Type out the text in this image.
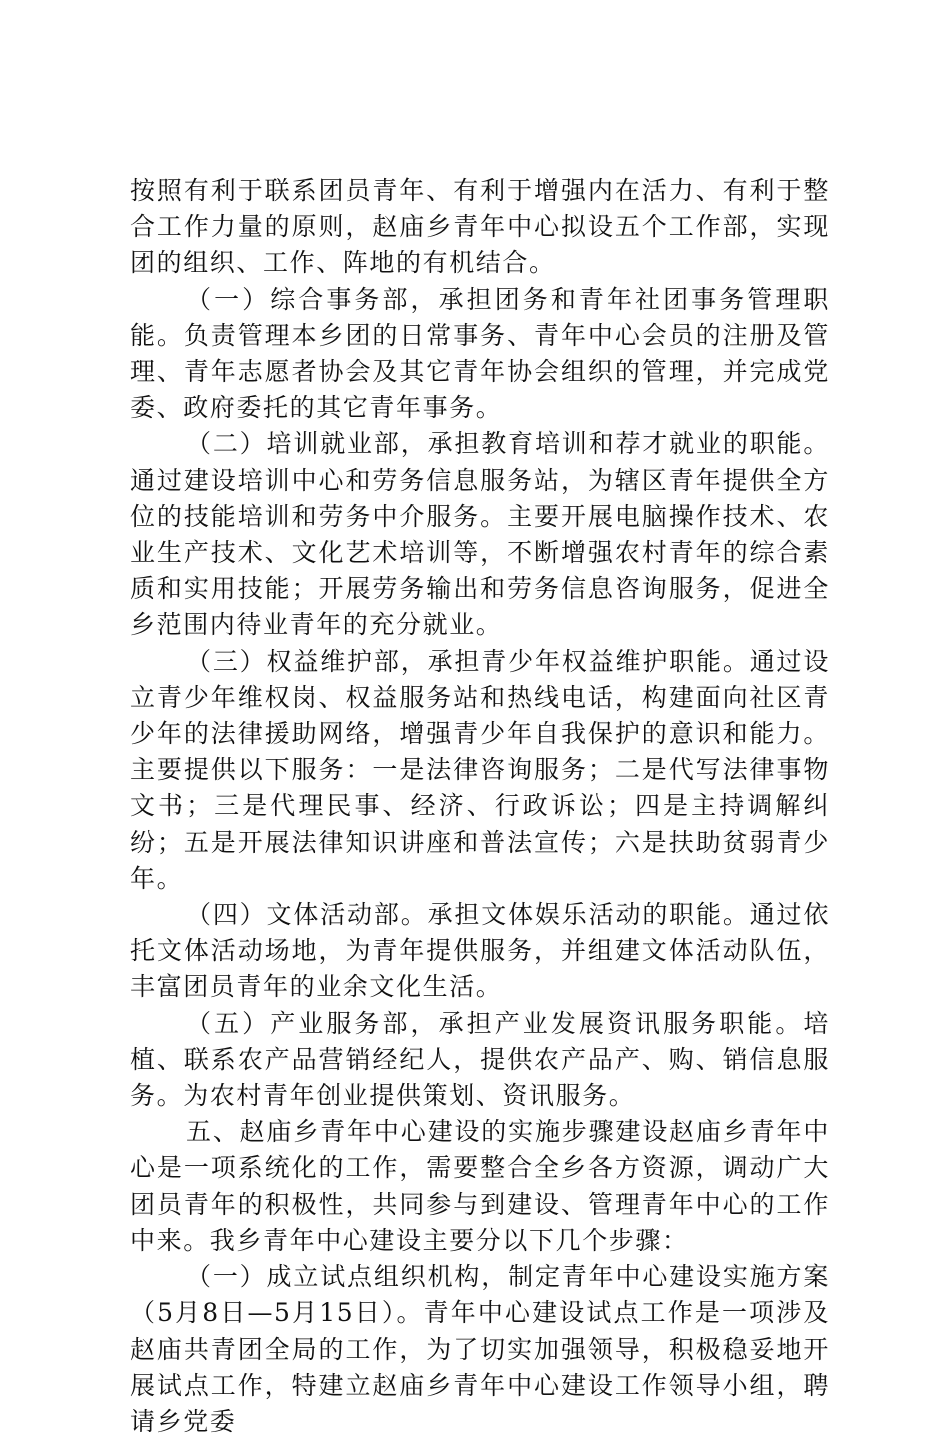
按照有利于联系团员青年、有利于增强内在活力、有利于整合工作力量的原则，赵庙乡青年中心拟设五个工作部，实现团的组织、工作、阵地的有机结合。

（一）综合事务部，承担团务和青年社团事务管理职能。负责管理本乡团的日常事务、青年中心会员的注册及管理、青年志愿者协会及其它青年协会组织的管理，并完成党委、政府委托的其它青年事务。

（二）培训就业部，承担教育培训和荐才就业的职能。通过建设培训中心和劳务信息服务站，为辖区青年提供全方位的技能培训和劳务中介服务。主要开展电脑操作技术、农业生产技术、文化艺术培训等，不断增强农村青年的综合素质和实用技能；开展劳务输出和劳务信息咨询服务，促进全乡范围内待业青年的充分就业。

（三）权益维护部，承担青少年权益维护职能。通过设立青少年维权岗、权益服务站和热线电话，构建面向社区青少年的法律援助网络，增强青少年自我保护的意识和能力。主要提供以下服务：一是法律咨询服务；二是代写法律事物文书；三是代理民事、经济、行政诉讼；四是主持调解纠纷；五是开展法律知识讲座和普法宣传；六是扶助贫弱青少年。

（四）文体活动部。承担文体娱乐活动的职能。通过依托文体活动场地，为青年提供服务，并组建文体活动队伍，丰富团员青年的业余文化生活。

（五）产业服务部，承担产业发展资讯服务职能。培植、联系农产品营销经纪人，提供农产品产、购、销信息服务。为农村青年创业提供策划、资讯服务。

五、赵庙乡青年中心建设的实施步骤建设赵庙乡青年中心是一项系统化的工作，需要整合全乡各方资源，调动广大团员青年的积极性，共同参与到建设、管理青年中心的工作中来。我乡青年中心建设主要分以下几个步骤：

（一）成立试点组织机构，制定青年中心建设实施方案（5月8日—5月15日）。青年中心建设试点工作是一项涉及赵庙共青团全局的工作，为了切实加强领导，积极稳妥地开展试点工作，特建立赵庙乡青年中心建设工作领导小组，聘请乡党委
